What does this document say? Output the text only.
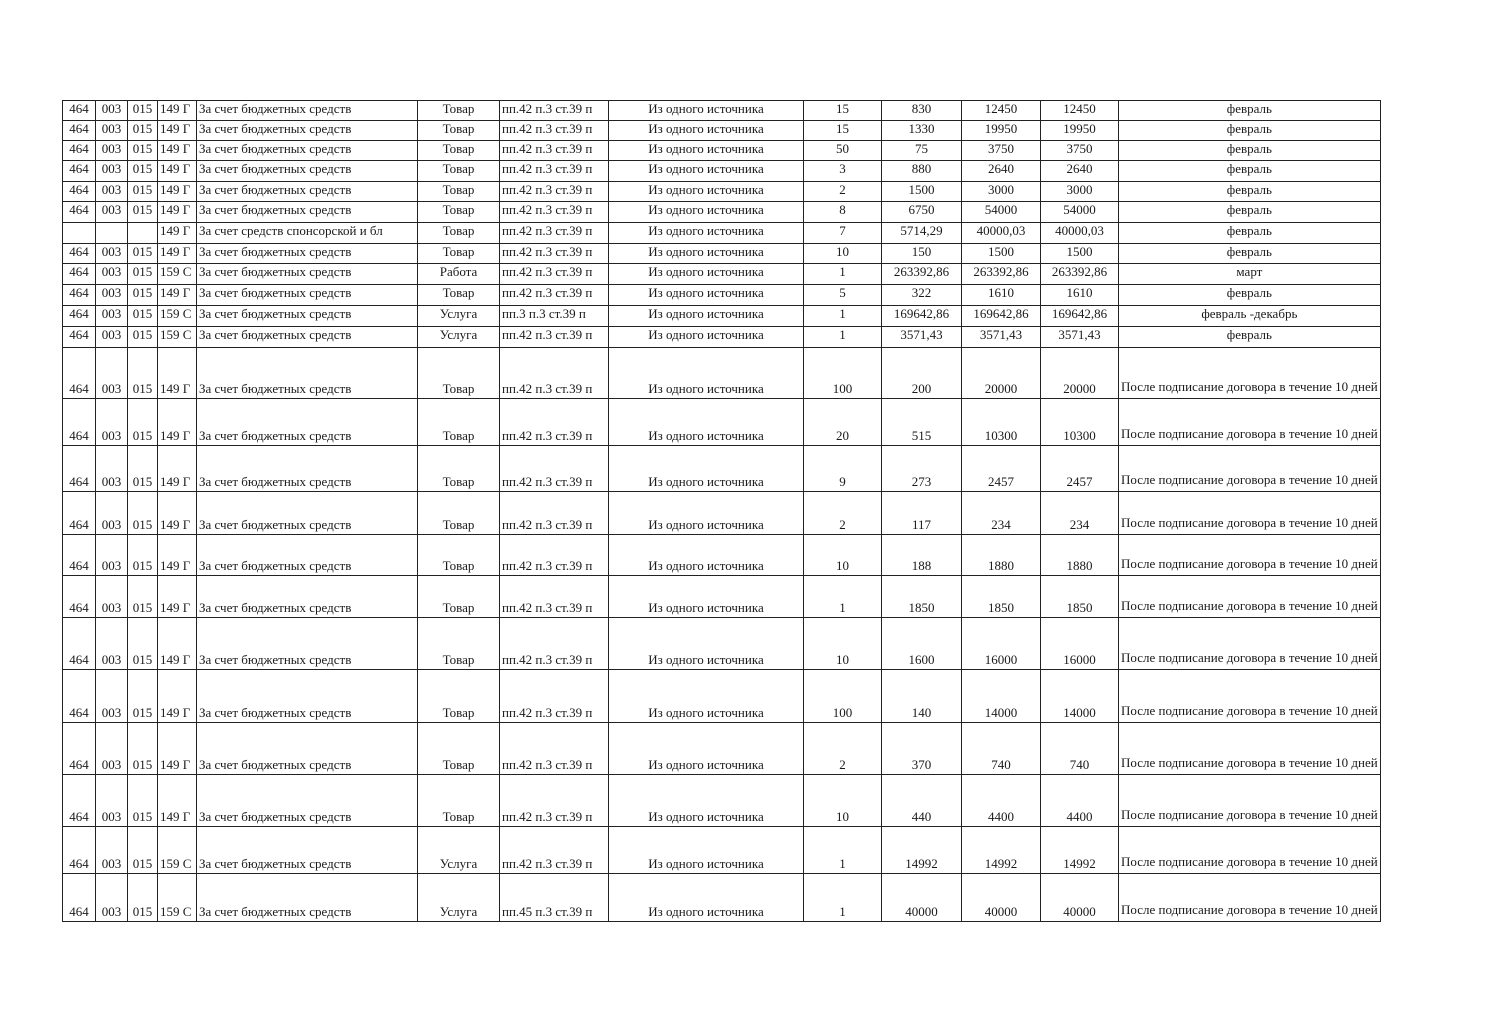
464	003	015	149 Г	За счет бюджетных средств	Товар	пп.42 п.3 ст.39 п	Из одного источника	15	830	12450	12450	февраль
464	003	015	149 Г	За счет бюджетных средств	Товар	пп.42 п.3 ст.39 п	Из одного источника	15	1330	19950	19950	февраль
464	003	015	149 Г	За счет бюджетных средств	Товар	пп.42 п.3 ст.39 п	Из одного источника	50	75	3750	3750	февраль
464	003	015	149 Г	За счет бюджетных средств	Товар	пп.42 п.3 ст.39 п	Из одного источника	3	880	2640	2640	февраль
464	003	015	149 Г	За счет бюджетных средств	Товар	пп.42 п.3 ст.39 п	Из одного источника	2	1500	3000	3000	февраль
464	003	015	149 Г	За счет бюджетных средств	Товар	пп.42 п.3 ст.39 п	Из одного источника	8	6750	54000	54000	февраль
			149 Г	За счет средств спонсорской и бл	Товар	пп.42 п.3 ст.39 п	Из одного источника	7	5714,29	40000,03	40000,03	февраль
464	003	015	149 Г	За счет бюджетных средств	Товар	пп.42 п.3 ст.39 п	Из одного источника	10	150	1500	1500	февраль
464	003	015	159 С	За счет бюджетных средств	Работа	пп.42 п.3 ст.39 п	Из одного источника	1	263392,86	263392,86	263392,86	март
464	003	015	149 Г	За счет бюджетных средств	Товар	пп.42 п.3 ст.39 п	Из одного источника	5	322	1610	1610	февраль
464	003	015	159 С	За счет бюджетных средств	Услуга	пп.3 п.3 ст.39 п	Из одного источника	1	169642,86	169642,86	169642,86	февраль -декабрь
464	003	015	159 С	За счет бюджетных средств	Услуга	пп.42 п.3 ст.39 п	Из одного источника	1	3571,43	3571,43	3571,43	февраль
464	003	015	149 Г	За счет бюджетных средств	Товар	пп.42 п.3 ст.39 п	Из одного источника	100	200	20000	20000	После подписание договора в течение 10 дней
464	003	015	149 Г	За счет бюджетных средств	Товар	пп.42 п.3 ст.39 п	Из одного источника	20	515	10300	10300	После подписание договора в течение 10 дней
464	003	015	149 Г	За счет бюджетных средств	Товар	пп.42 п.3 ст.39 п	Из одного источника	9	273	2457	2457	После подписание договора в течение 10 дней
464	003	015	149 Г	За счет бюджетных средств	Товар	пп.42 п.3 ст.39 п	Из одного источника	2	117	234	234	После подписание договора в течение 10 дней
464	003	015	149 Г	За счет бюджетных средств	Товар	пп.42 п.3 ст.39 п	Из одного источника	10	188	1880	1880	После подписание договора в течение 10 дней
464	003	015	149 Г	За счет бюджетных средств	Товар	пп.42 п.3 ст.39 п	Из одного источника	1	1850	1850	1850	После подписание договора в течение 10 дней
464	003	015	149 Г	За счет бюджетных средств	Товар	пп.42 п.3 ст.39 п	Из одного источника	10	1600	16000	16000	После подписание договора в течение 10 дней
464	003	015	149 Г	За счет бюджетных средств	Товар	пп.42 п.3 ст.39 п	Из одного источника	100	140	14000	14000	После подписание договора в течение 10 дней
464	003	015	149 Г	За счет бюджетных средств	Товар	пп.42 п.3 ст.39 п	Из одного источника	2	370	740	740	После подписание договора в течение 10 дней
464	003	015	149 Г	За счет бюджетных средств	Товар	пп.42 п.3 ст.39 п	Из одного источника	10	440	4400	4400	После подписание договора в течение 10 дней
464	003	015	159 С	За счет бюджетных средств	Услуга	пп.42 п.3 ст.39 п	Из одного источника	1	14992	14992	14992	После подписание договора в течение 10 дней
464	003	015	159 С	За счет бюджетных средств	Услуга	пп.45 п.3 ст.39 п	Из одного источника	1	40000	40000	40000	После подписание договора в течение 10 дней
